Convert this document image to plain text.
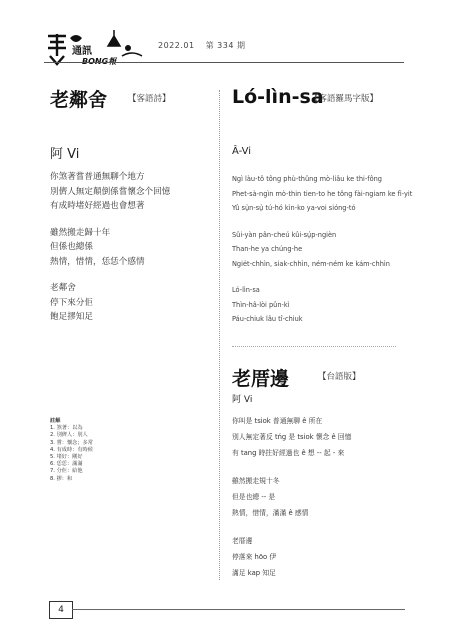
通訊
2022.01 第 334 期
老鄰舍 【客語詩】
阿 Vi
你煞著嘗普通無聊个地方
別儕人無定顛倒係嘗懷念个回憶
有成時堵好經過也會想著
雖然搬走歸十年
但係也總係
熱情，惜情，恁恁个感情
老鄰舍
停下來分佢
飽足摎知足
註解
1. 煞著：以為
2. 別儕人：別人
3. 嘗：懷念；多常
4. 有成時：有時候
5. 堵好：剛好
6. 恁恁：滿滿
7. 分佢：給他
8. 摎：和
Ló-lìn-sa
【客語羅馬字版】
Â-Vi
Ngì làu-tô tông phù-thûng mò-liâu ke thi-fông
Phet-sà-ngìn mò-thin tien-to he tông fài-ngiam ke fì-yit
Yû sṳ̀n-sṳ̀ tú-hó kìn-ko ya-voi sióng-tó
Sûi-yàn pân-cheú kûi-sṳ̍p-ngièn
Than-he ya chúng-he
Ngie̍t-chhìn, siak-chhìn, ném-ném ke kám-chhìn
Ló-lìn-sa
Thìn-hâ-lòi pûn-kì
Páu-chiuk lâu tî-chiuk
老厝邊	【台語版】
阿 Vi
你叫是 tsiok 普通無聊 ê 所在
別人無定著反 tńg 是 tsiok 懷念 ê 回憶
有 tang 時拄好經過也 ê 想 -- 起 - 來
雖然搬走規十冬
但是也總 -- 是
熱情，惜情，滿滿 ê 感情
老厝邊
停落來 hōo 伊
滿足 kap 知足
4
